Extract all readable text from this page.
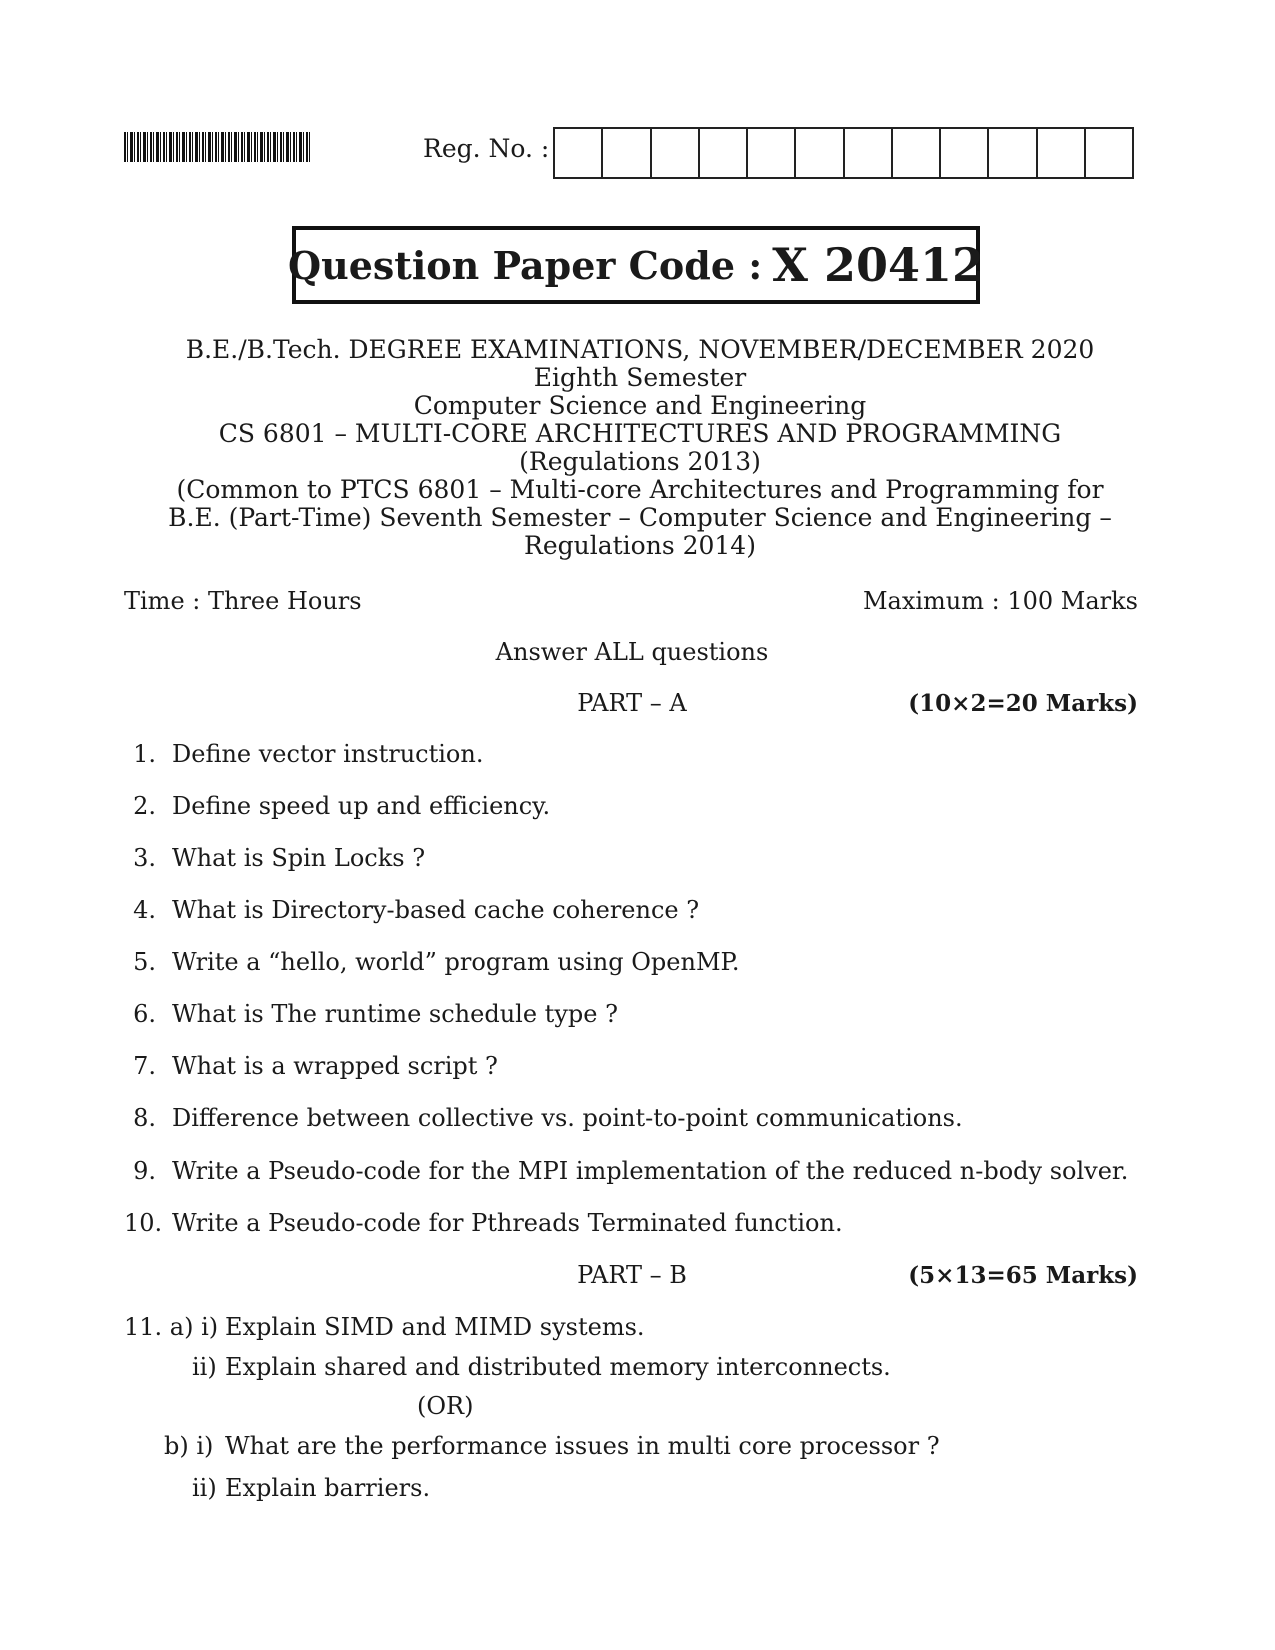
Reg. No. :
Question Paper Code : X 20412
B.E./B.Tech. DEGREE EXAMINATIONS, NOVEMBER/DECEMBER 2020
Eighth Semester
Computer Science and Engineering
CS 6801 – MULTI-CORE ARCHITECTURES AND PROGRAMMING
(Regulations 2013)
(Common to PTCS 6801 – Multi-core Architectures and Programming for
B.E. (Part-Time) Seventh Semester – Computer Science and Engineering –
Regulations 2014)
Time : Three Hours	Maximum : 100 Marks
Answer ALL questions
PART – A	(10×2=20 Marks)
1. Define vector instruction.
2. Define speed up and efficiency.
3. What is Spin Locks ?
4. What is Directory-based cache coherence ?
5. Write a “hello, world” program using OpenMP.
6. What is The runtime schedule type ?
7. What is a wrapped script ?
8. Difference between collective vs. point-to-point communications.
9. Write a Pseudo-code for the MPI implementation of the reduced n-body solver.
10. Write a Pseudo-code for Pthreads Terminated function.
PART – B	(5×13=65 Marks)
11. a) i) Explain SIMD and MIMD systems.
ii) Explain shared and distributed memory interconnects.
(OR)
b) i) What are the performance issues in multi core processor ?
ii) Explain barriers.
